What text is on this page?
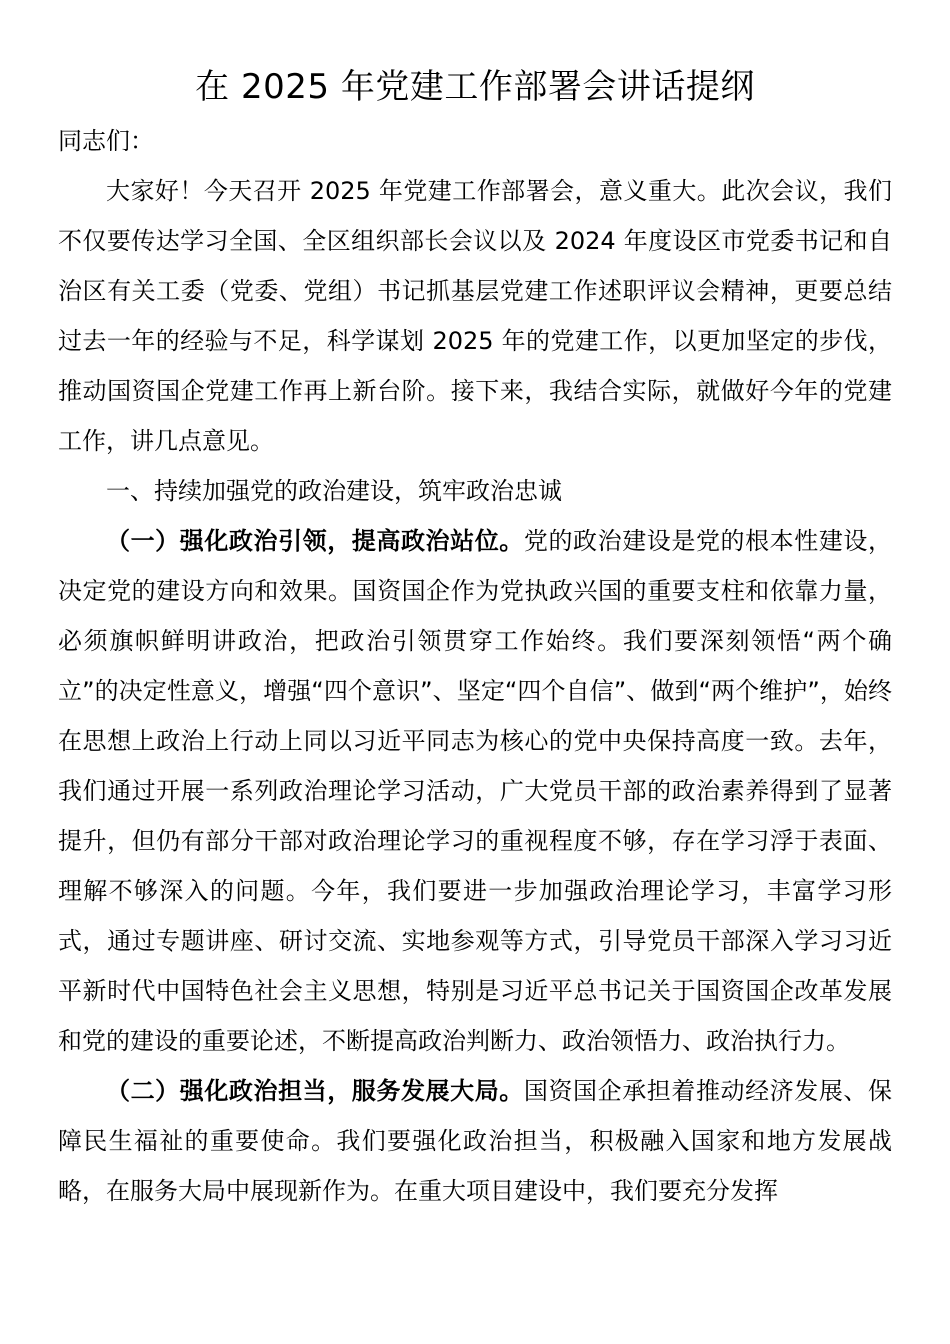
在 2025 年党建工作部署会讲话提纲

同志们：

大家好！今天召开 2025 年党建工作部署会，意义重大。此次会议，我们不仅要传达学习全国、全区组织部长会议以及 2024 年度设区市党委书记和自治区有关工委（党委、党组）书记抓基层党建工作述职评议会精神，更要总结过去一年的经验与不足，科学谋划 2025 年的党建工作，以更加坚定的步伐，推动国资国企党建工作再上新台阶。接下来，我结合实际，就做好今年的党建工作，讲几点意见。

一、持续加强党的政治建设，筑牢政治忠诚

（一）强化政治引领，提高政治站位。党的政治建设是党的根本性建设，决定党的建设方向和效果。国资国企作为党执政兴国的重要支柱和依靠力量，必须旗帜鲜明讲政治，把政治引领贯穿工作始终。我们要深刻领悟“两个确立”的决定性意义，增强“四个意识”、坚定“四个自信”、做到“两个维护”，始终在思想上政治上行动上同以习近平同志为核心的党中央保持高度一致。去年，我们通过开展一系列政治理论学习活动，广大党员干部的政治素养得到了显著提升，但仍有部分干部对政治理论学习的重视程度不够，存在学习浮于表面、理解不够深入的问题。今年，我们要进一步加强政治理论学习，丰富学习形式，通过专题讲座、研讨交流、实地参观等方式，引导党员干部深入学习习近平新时代中国特色社会主义思想，特别是习近平总书记关于国资国企改革发展和党的建设的重要论述，不断提高政治判断力、政治领悟力、政治执行力。

（二）强化政治担当，服务发展大局。国资国企承担着推动经济发展、保障民生福祉的重要使命。我们要强化政治担当，积极融入国家和地方发展战略，在服务大局中展现新作为。在重大项目建设中，我们要充分发挥
